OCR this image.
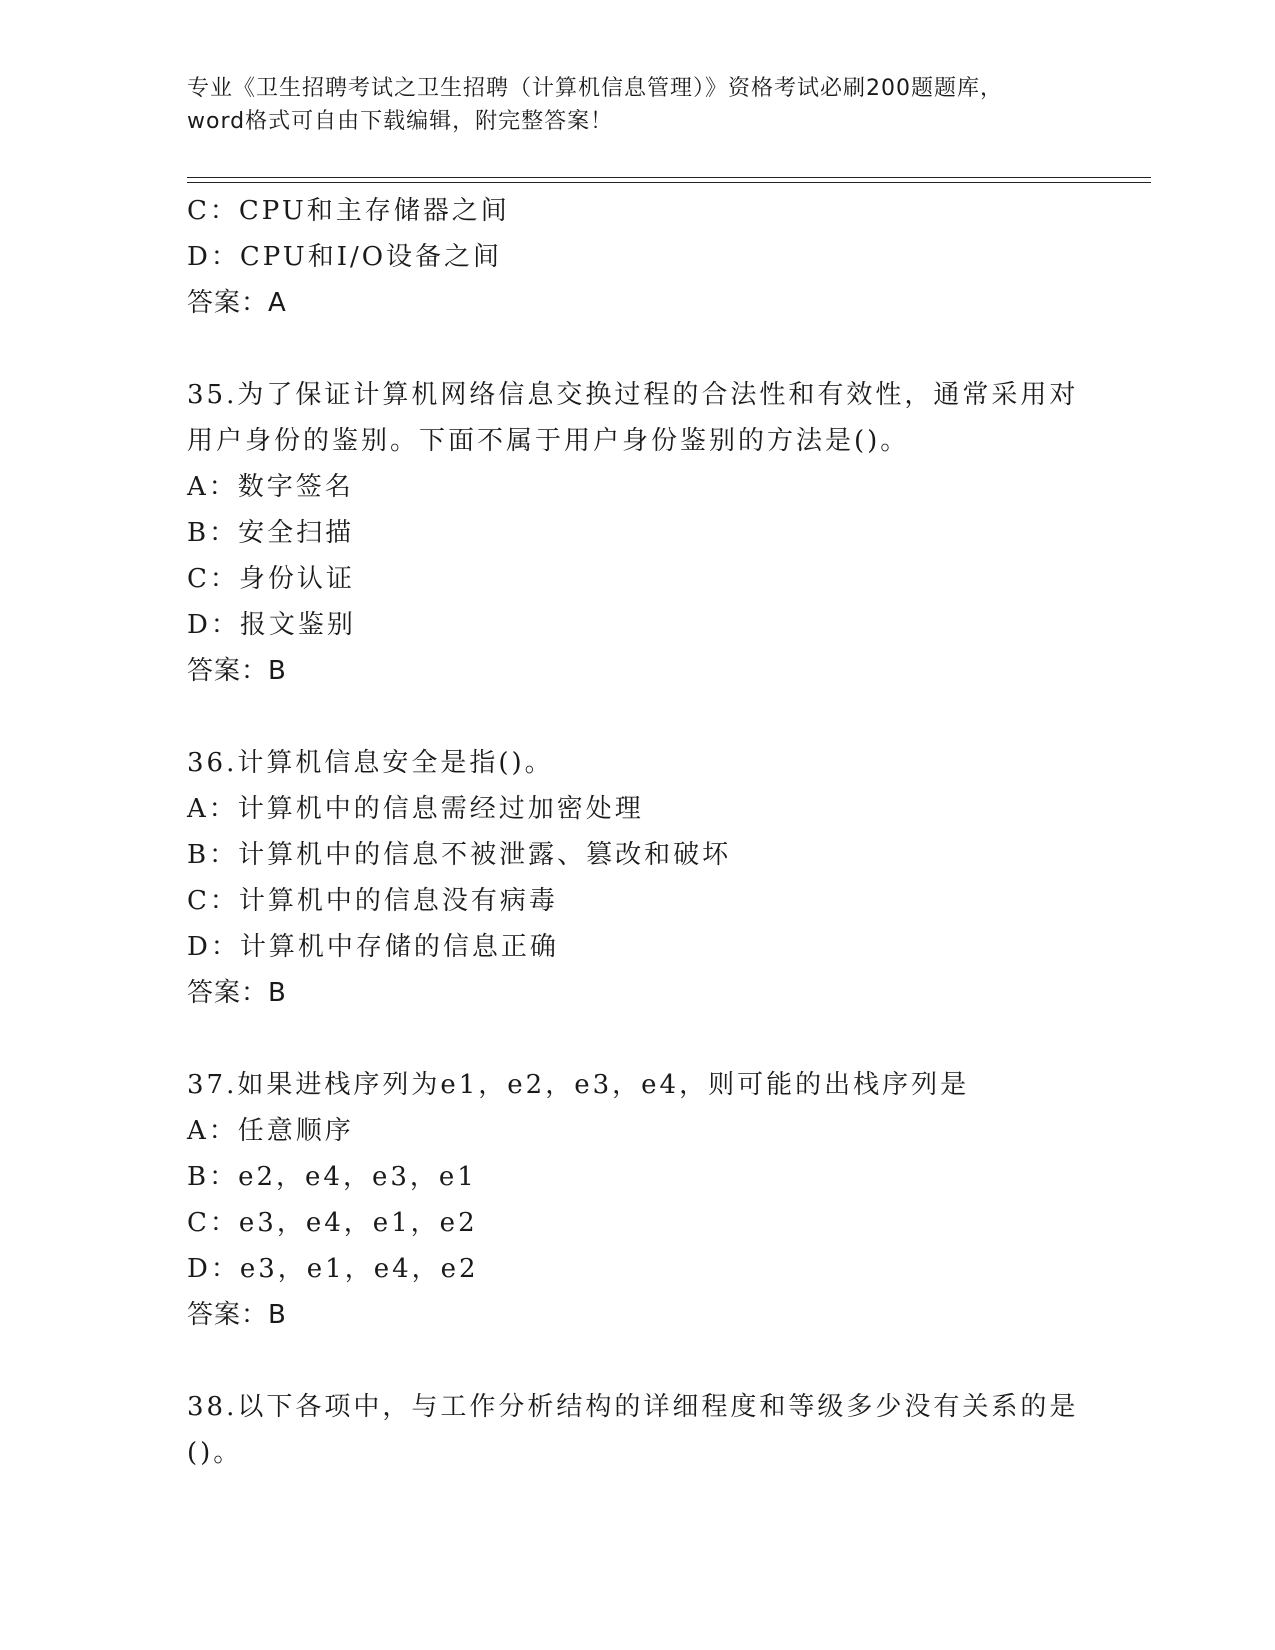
专业《卫生招聘考试之卫生招聘（计算机信息管理）》资格考试必刷200题题库，
word格式可自由下载编辑，附完整答案！
C：CPU和主存储器之间
D：CPU和I/O设备之间
答案：A
35.为了保证计算机网络信息交换过程的合法性和有效性，通常采用对
用户身份的鉴别。下面不属于用户身份鉴别的方法是()。
A：数字签名
B：安全扫描
C：身份认证
D：报文鉴别
答案：B
36.计算机信息安全是指()。
A：计算机中的信息需经过加密处理
B：计算机中的信息不被泄露、篡改和破坏
C：计算机中的信息没有病毒
D：计算机中存储的信息正确
答案：B
37.如果进栈序列为e1，e2，e3，e4，则可能的出栈序列是
A：任意顺序
B：e2，e4，e3，e1
C：e3，e4，e1，e2
D：e3，e1，e4，e2
答案：B
38.以下各项中，与工作分析结构的详细程度和等级多少没有关系的是
()。
